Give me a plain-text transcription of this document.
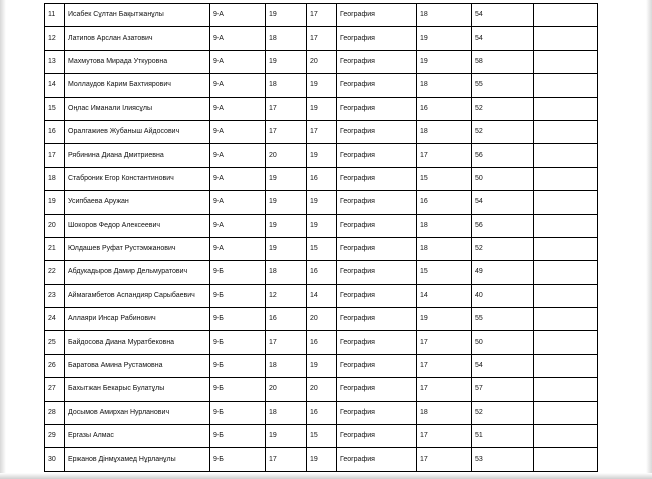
11	Исабек Сұлтан Бақытжанұлы	9-А	19	17	География	18	54	
12	Латипов Арслан Азатович	9-А	18	17	География	19	54	
13	Махмутова Мирада Уткуровна	9-А	19	20	География	19	58	
14	Моллаудов Карим Бахтиярович	9-А	18	19	География	18	55	
15	Оңлас Иманали Ілиясұлы	9-А	17	19	География	16	52	
16	Оралгажиев Жубаныш Айдосович	9-А	17	17	География	18	52	
17	Рябинина Диана Дмитриевна	9-А	20	19	География	17	56	
18	Стаброник Егор Константинович	9-А	19	16	География	15	50	
19	Усипбаева Аружан	9-А	19	19	География	16	54	
20	Шокоров Федор Алексеевич	9-А	19	19	География	18	56	
21	Юлдашев Руфат Рустэмжанович	9-А	19	15	География	18	52	
22	Абдукадыров Дамир Дельмуратович	9-Б	18	16	География	15	49	
23	Аймагамбетов Аспандияр Сарыбаевич	9-Б	12	14	География	14	40	
24	Аллаяри Инсар Рабинович	9-Б	16	20	География	19	55	
25	Байдосова Диана Муратбековна	9-Б	17	16	География	17	50	
26	Баратова Амина Рустамовна	9-Б	18	19	География	17	54	
27	Бахытжан Бекарыс Булатұлы	9-Б	20	20	География	17	57	
28	Досымов Амирхан Нурланович	9-Б	18	16	География	18	52	
29	Ергазы Алмас	9-Б	19	15	География	17	51	
30	Ержанов Дінмұхамед Нұрланұлы	9-Б	17	19	География	17	53	
